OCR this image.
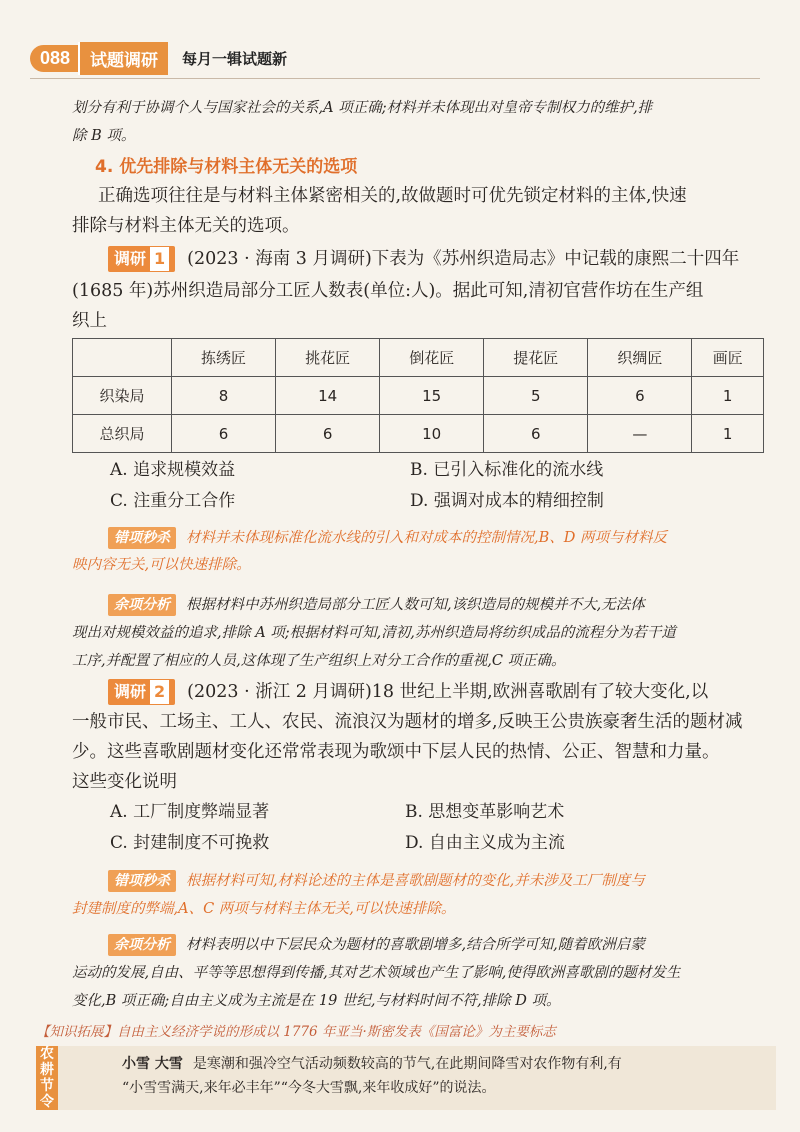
088	试题调研	每月一辑试题新
划分有利于协调个人与国家社会的关系,A 项正确;材料并未体现出对皇帝专制权力的维护,排
除 B 项。
4. 优先排除与材料主体无关的选项
正确选项往往是与材料主体紧密相关的,故做题时可优先锁定材料的主体,快速
排除与材料主体无关的选项。
调研 1 (2023 · 海南 3 月调研)下表为《苏州织造局志》中记载的康熙二十四年
(1685 年)苏州织造局部分工匠人数表(单位:人)。据此可知,清初官营作坊在生产组
织上
	拣绣匠	挑花匠	倒花匠	提花匠	织绸匠	画匠
织染局	8	14	15	5	6	1
总织局	6	6	10	6	—	1
A. 追求规模效益	B. 已引入标准化的流水线
C. 注重分工合作	D. 强调对成本的精细控制
错项秒杀 材料并未体现标准化流水线的引入和对成本的控制情况,B、D 两项与材料反
映内容无关,可以快速排除。
余项分析 根据材料中苏州织造局部分工匠人数可知,该织造局的规模并不大,无法体
现出对规模效益的追求,排除 A 项;根据材料可知,清初,苏州织造局将纺织成品的流程分为若干道
工序,并配置了相应的人员,这体现了生产组织上对分工合作的重视,C 项正确。
调研 2 (2023 · 浙江 2 月调研)18 世纪上半期,欧洲喜歌剧有了较大变化,以
一般市民、工场主、工人、农民、流浪汉为题材的增多,反映王公贵族豪奢生活的题材减
少。这些喜歌剧题材变化还常常表现为歌颂中下层人民的热情、公正、智慧和力量。
这些变化说明
A. 工厂制度弊端显著	B. 思想变革影响艺术
C. 封建制度不可挽救	D. 自由主义成为主流
错项秒杀 根据材料可知,材料论述的主体是喜歌剧题材的变化,并未涉及工厂制度与
封建制度的弊端,A、C 两项与材料主体无关,可以快速排除。
余项分析 材料表明以中下层民众为题材的喜歌剧增多,结合所学可知,随着欧洲启蒙
运动的发展,自由、平等等思想得到传播,其对艺术领域也产生了影响,使得欧洲喜歌剧的题材发生
变化,B 项正确;自由主义成为主流是在 19 世纪,与材料时间不符,排除 D 项。
【知识拓展】自由主义经济学说的形成以 1776 年亚当·斯密发表《国富论》为主要标志
农耕节令
小雪 大雪 是寒潮和强冷空气活动频数较高的节气,在此期间降雪对农作物有利,有
“小雪雪满天,来年必丰年”“今冬大雪飘,来年收成好”的说法。
